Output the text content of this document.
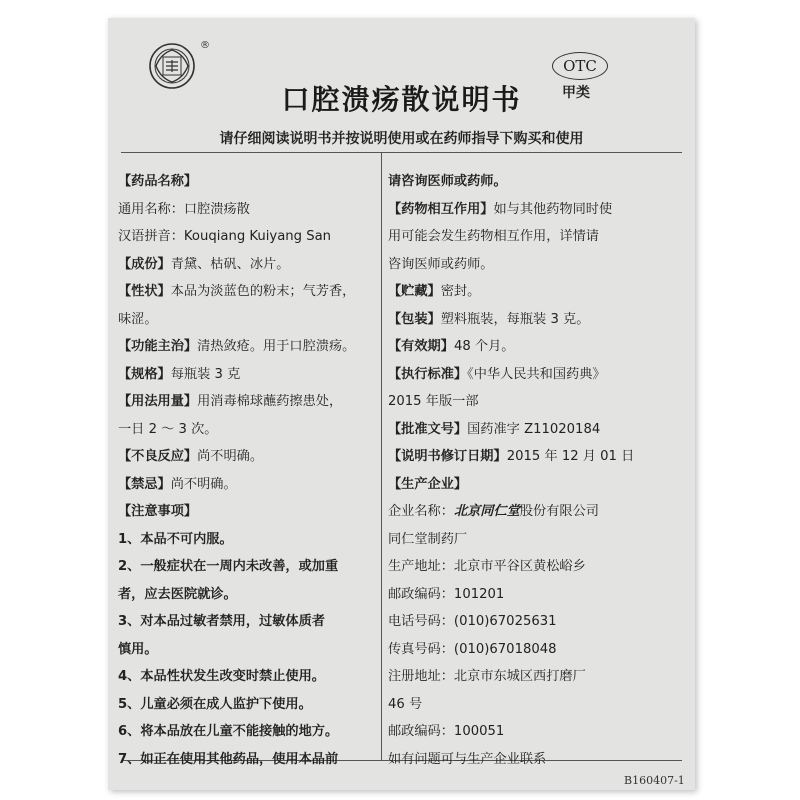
®
口腔溃疡散说明书
OTC
甲类
请仔细阅读说明书并按说明使用或在药师指导下购买和使用
【药品名称】
通用名称：口腔溃疡散
汉语拼音：Kouqiang Kuiyang San
【成份】青黛、枯矾、冰片。
【性状】本品为淡蓝色的粉末；气芳香，
味涩。
【功能主治】清热敛疮。用于口腔溃疡。
【规格】每瓶装 3 克
【用法用量】用消毒棉球蘸药擦患处，
一日 2 ～ 3 次。
【不良反应】尚不明确。
【禁忌】尚不明确。
【注意事项】
1、本品不可内服。
2、一般症状在一周内未改善，或加重
者，应去医院就诊。
3、对本品过敏者禁用，过敏体质者
慎用。
4、本品性状发生改变时禁止使用。
5、儿童必须在成人监护下使用。
6、将本品放在儿童不能接触的地方。
7、如正在使用其他药品，使用本品前
请咨询医师或药师。
【药物相互作用】如与其他药物同时使
用可能会发生药物相互作用，详情请
咨询医师或药师。
【贮藏】密封。
【包装】塑料瓶装，每瓶装 3 克。
【有效期】48 个月。
【执行标准】《中华人民共和国药典》
2015 年版一部
【批准文号】国药准字 Z11020184
【说明书修订日期】2015 年 12 月 01 日
【生产企业】
企业名称：北京同仁堂股份有限公司
同仁堂制药厂
生产地址：北京市平谷区黄松峪乡
邮政编码：101201
电话号码：(010)67025631
传真号码：(010)67018048
注册地址：北京市东城区西打磨厂
46 号
邮政编码：100051
如有问题可与生产企业联系
B160407-1
